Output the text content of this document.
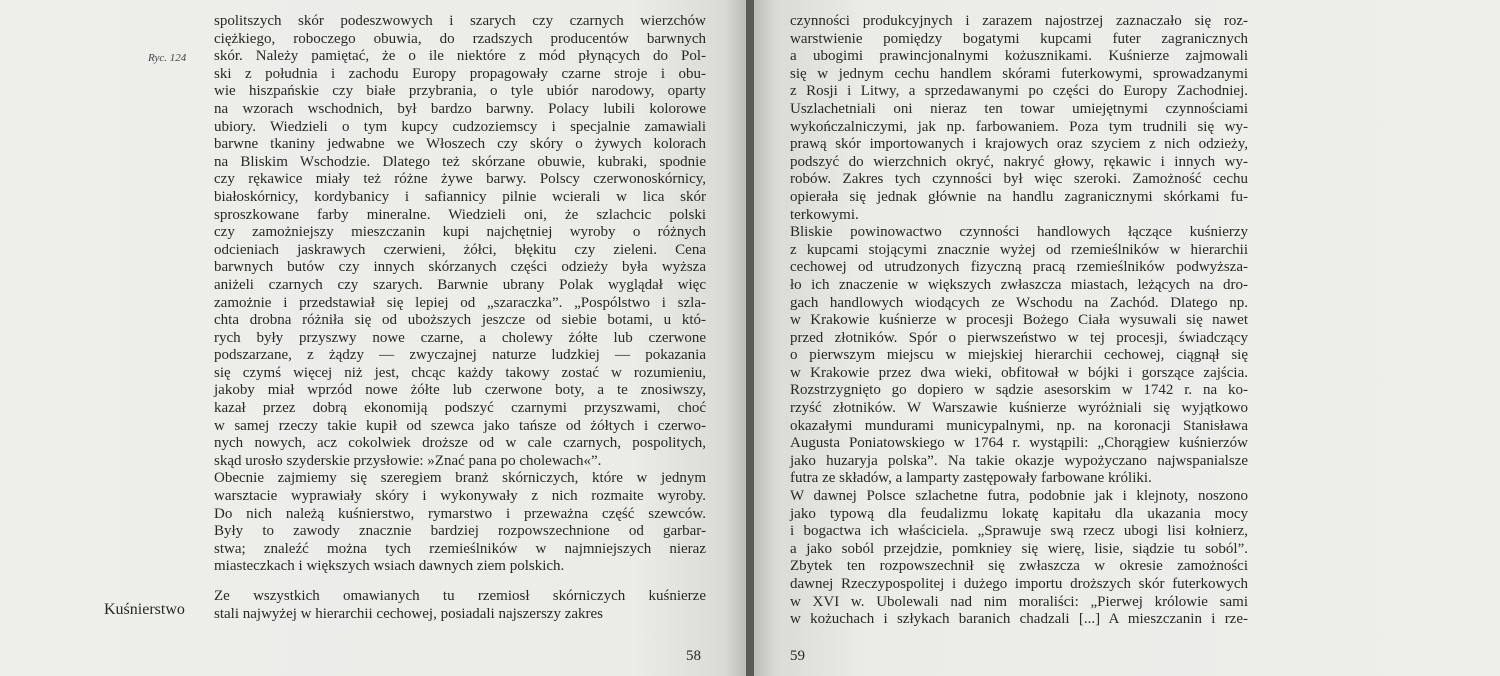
Ryc. 124
spolitszych skór podeszwowych i szarych czy czarnych wierzchów
ciężkiego, roboczego obuwia, do rzadszych producentów barwnych
skór. Należy pamiętać, że o ile niektóre z mód płynących do Pol-
ski z południa i zachodu Europy propagowały czarne stroje i obu-
wie hiszpańskie czy białe przybrania, o tyle ubiór narodowy, oparty
na wzorach wschodnich, był bardzo barwny. Polacy lubili kolorowe
ubiory. Wiedzieli o tym kupcy cudzoziemscy i specjalnie zamawiali
barwne tkaniny jedwabne we Włoszech czy skóry o żywych kolorach
na Bliskim Wschodzie. Dlatego też skórzane obuwie, kubraki, spodnie
czy rękawice miały też różne żywe barwy. Polscy czerwonoskórnicy,
białoskórnicy, kordybanicy i safiannicy pilnie wcierali w lica skór
sproszkowane farby mineralne. Wiedzieli oni, że szlachcic polski
czy zamożniejszy mieszczanin kupi najchętniej wyroby o różnych
odcieniach jaskrawych czerwieni, żółci, błękitu czy zieleni. Cena
barwnych butów czy innych skórzanych części odzieży była wyższa
aniżeli czarnych czy szarych. Barwnie ubrany Polak wyglądał więc
zamożnie i przedstawiał się lepiej od „szaraczka”. „Pospólstwo i szla-
chta drobna różniła się od uboższych jeszcze od siebie botami, u któ-
rych były przyszwy nowe czarne, a cholewy żółte lub czerwone
podszarzane, z żądzy — zwyczajnej naturze ludzkiej — pokazania
się czymś więcej niż jest, chcąc każdy takowy zostać w rozumieniu,
jakoby miał wprzód nowe żółte lub czerwone boty, a te znosiwszy,
kazał przez dobrą ekonomiją podszyć czarnymi przyszwami, choć
w samej rzeczy takie kupił od szewca jako tańsze od żółtych i czerwo-
nych nowych, acz cokolwiek droższe od w cale czarnych, pospolitych,
skąd urosło szyderskie przysłowie: »Znać pana po cholewach«”.
Obecnie zajmiemy się szeregiem branż skórniczych, które w jednym
warsztacie wyprawiały skóry i wykonywały z nich rozmaite wyroby.
Do nich należą kuśnierstwo, rymarstwo i przeważna część szewców.
Były to zawody znacznie bardziej rozpowszechnione od garbar-
stwa; znaleźć można tych rzemieślników w najmniejszych nieraz
miasteczkach i większych wsiach dawnych ziem polskich.
Ze wszystkich omawianych tu rzemiosł skórniczych kuśnierze
stali najwyżej w hierarchii cechowej, posiadali najszerszy zakres
Kuśnierstwo
58
czynności produkcyjnych i zarazem najostrzej zaznaczało się roz-
warstwienie pomiędzy bogatymi kupcami futer zagranicznych
a ubogimi prawincjonalnymi kożusznikami. Kuśnierze zajmowali
się w jednym cechu handlem skórami futerkowymi, sprowadzanymi
z Rosji i Litwy, a sprzedawanymi po części do Europy Zachodniej.
Uszlachetniali oni nieraz ten towar umiejętnymi czynnościami
wykończalniczymi, jak np. farbowaniem. Poza tym trudnili się wy-
prawą skór importowanych i krajowych oraz szyciem z nich odzieży,
podszyć do wierzchnich okryć, nakryć głowy, rękawic i innych wy-
robów. Zakres tych czynności był więc szeroki. Zamożność cechu
opierała się jednak głównie na handlu zagranicznymi skórkami fu-
terkowymi.
Bliskie powinowactwo czynności handlowych łączące kuśnierzy
z kupcami stojącymi znacznie wyżej od rzemieślników w hierarchii
cechowej od utrudzonych fizyczną pracą rzemieślników podwyższa-
ło ich znaczenie w większych zwłaszcza miastach, leżących na dro-
gach handlowych wiodących ze Wschodu na Zachód. Dlatego np.
w Krakowie kuśnierze w procesji Bożego Ciała wysuwali się nawet
przed złotników. Spór o pierwszeństwo w tej procesji, świadczący
o pierwszym miejscu w miejskiej hierarchii cechowej, ciągnął się
w Krakowie przez dwa wieki, obfitował w bójki i gorszące zajścia.
Rozstrzygnięto go dopiero w sądzie asesorskim w 1742 r. na ko-
rzyść złotników. W Warszawie kuśnierze wyróżniali się wyjątkowo
okazałymi mundurami municypalnymi, np. na koronacji Stanisława
Augusta Poniatowskiego w 1764 r. wystąpili: „Chorągiew kuśnierzów
jako huzaryja polska”. Na takie okazje wypożyczano najwspanialsze
futra ze składów, a lamparty zastępowały farbowane króliki.
W dawnej Polsce szlachetne futra, podobnie jak i klejnoty, noszono
jako typową dla feudalizmu lokatę kapitału dla ukazania mocy
i bogactwa ich właściciela. „Sprawuje swą rzecz ubogi lisi kołnierz,
a jako soból przejdzie, pomkniey się wierę, lisie, siądzie tu soból”.
Zbytek ten rozpowszechnił się zwłaszcza w okresie zamożności
dawnej Rzeczypospolitej i dużego importu droższych skór futerkowych
w XVI w. Ubolewali nad nim moraliści: „Pierwej królowie sami
w kożuchach i szłykach baranich chadzali [...] A mieszczanin i rze-
59
